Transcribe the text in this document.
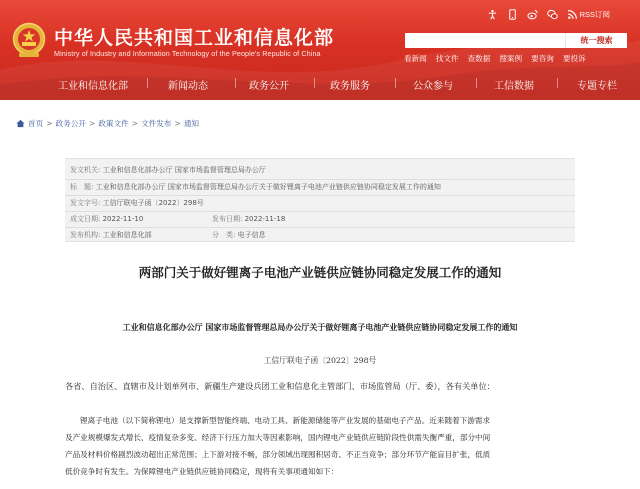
中华人民共和国工业和信息化部
Ministry of Industry and Information Technology of the People's Republic of China
RSS订阅
统一搜索
看新闻 找文件 查数据 搜案例 要咨询 要投诉
工业和信息化部	新闻动态	政务公开	政务服务	公众参与	工信数据	专题专栏
首页 > 政务公开 > 政策文件 > 文件发布 > 通知
发文机关: 工业和信息化部办公厅 国家市场监督管理总局办公厅
标　题: 工业和信息化部办公厅 国家市场监督管理总局办公厅关于做好锂离子电池产业链供应链协同稳定发展工作的通知
发文字号: 工信厅联电子函〔2022〕298号
成文日期: 2022-11-10	发布日期: 2022-11-18
发布机构: 工业和信息化部	分　类: 电子信息
两部门关于做好锂离子电池产业链供应链协同稳定发展工作的通知
工业和信息化部办公厅 国家市场监督管理总局办公厅关于做好锂离子电池产业链供应链协同稳定发展工作的通知
工信厅联电子函〔2022〕298号
各省、自治区、直辖市及计划单列市、新疆生产建设兵团工业和信息化主管部门、市场监管局（厅、委），各有关单位：
锂离子电池（以下简称锂电）是支撑新型智能终端、电动工具、新能源储能等产业发展的基础电子产品。近来随着下游需求
及产业规模爆发式增长、疫情复杂多变、经济下行压力加大等因素影响，国内锂电产业链供应链阶段性供需失衡严重，部分中间
产品及材料价格剧烈波动超出正常范围；上下游对接不畅，部分领域出现囤积居奇、不正当竞争；部分环节产能盲目扩张，低质
低价竞争时有发生。为保障锂电产业链供应链协同稳定，现将有关事项通知如下：
